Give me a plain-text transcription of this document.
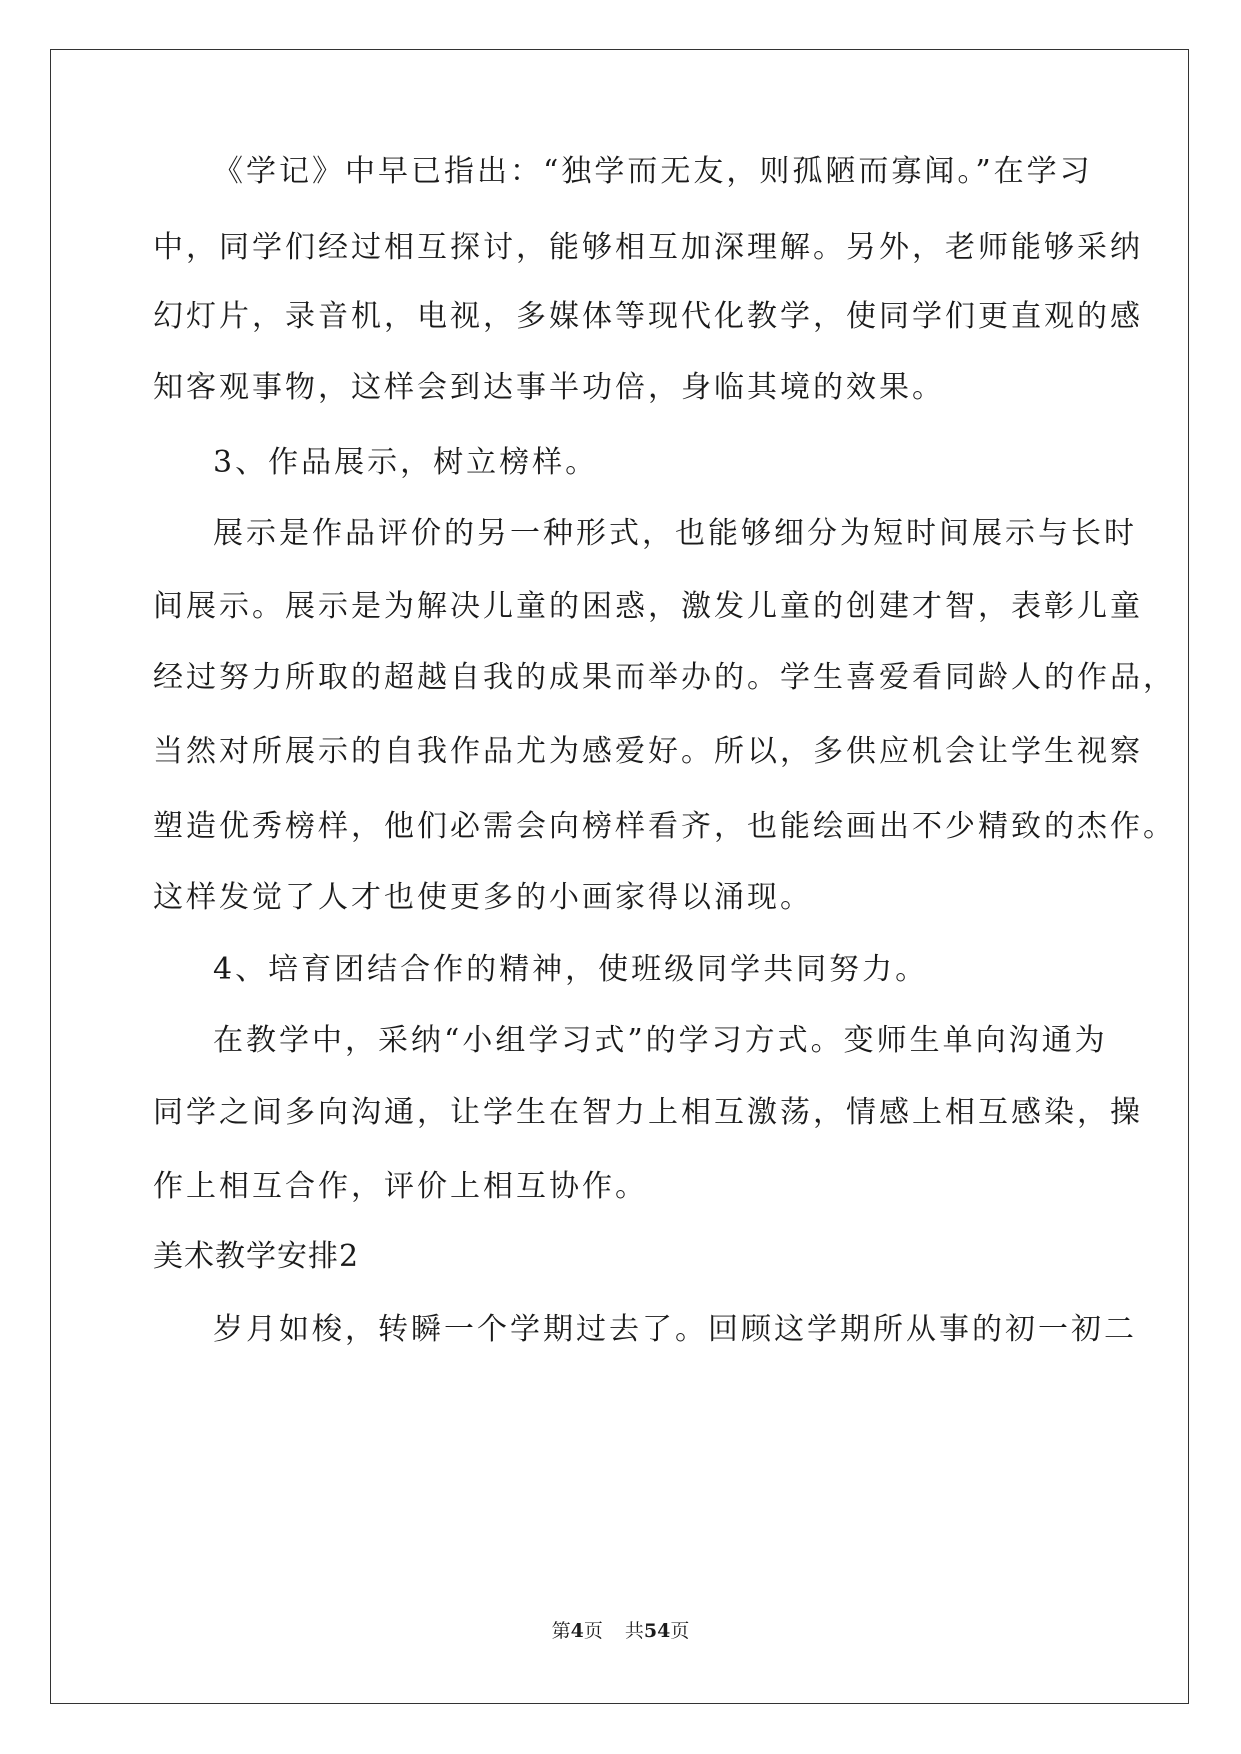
《学记》中早已指出：“独学而无友，则孤陋而寡闻。”在学习
中，同学们经过相互探讨，能够相互加深理解。另外，老师能够采纳
幻灯片，录音机，电视，多媒体等现代化教学，使同学们更直观的感
知客观事物，这样会到达事半功倍，身临其境的效果。
3、作品展示，树立榜样。
展示是作品评价的另一种形式，也能够细分为短时间展示与长时
间展示。展示是为解决儿童的困惑，激发儿童的创建才智，表彰儿童
经过努力所取的超越自我的成果而举办的。学生喜爱看同龄人的作品，
当然对所展示的自我作品尤为感爱好。所以，多供应机会让学生视察
塑造优秀榜样，他们必需会向榜样看齐，也能绘画出不少精致的杰作。
这样发觉了人才也使更多的小画家得以涌现。
4、培育团结合作的精神，使班级同学共同努力。
在教学中，采纳“小组学习式”的学习方式。变师生单向沟通为
同学之间多向沟通，让学生在智力上相互激荡，情感上相互感染，操
作上相互合作，评价上相互协作。
美术教学安排2
岁月如梭，转瞬一个学期过去了。回顾这学期所从事的初一初二
第4页 共54页
